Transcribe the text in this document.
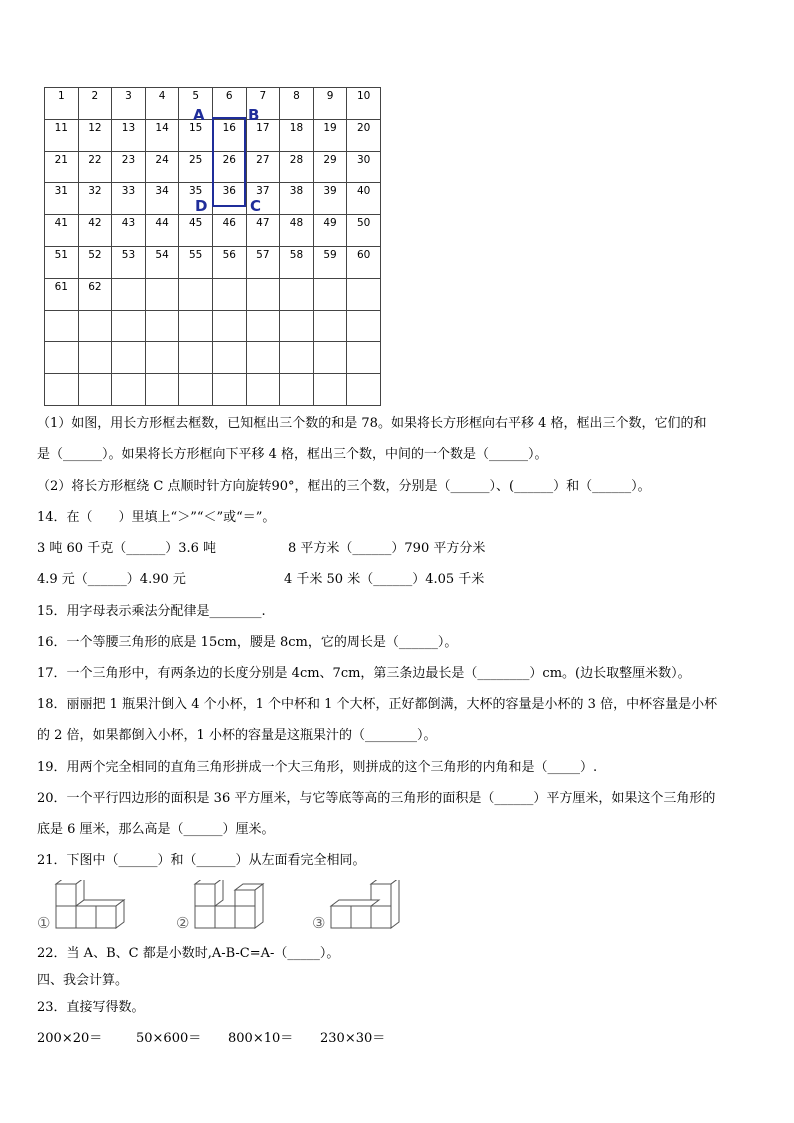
1	2	3	4	5	6	7	8	9	10
11	12	13	14	15	16	17	18	19	20
21	22	23	24	25	26	27	28	29	30
31	32	33	34	35	36	37	38	39	40
41	42	43	44	45	46	47	48	49	50
51	52	53	54	55	56	57	58	59	60
61	62								

A	B
C
D
（1）如图，用长方形框去框数，已知框出三个数的和是 78。如果将长方形框向右平移 4 格，框出三个数，它们的和
是（______）。如果将长方形框向下平移 4 格，框出三个数，中间的一个数是（______）。
（2）将长方形框绕 C 点顺时针方向旋转90°，框出的三个数，分别是（______）、(______）和（______）。
14．在（　　）里填上“＞”“＜”或“＝”。
3 吨 60 千克（______）3.6 吨	8 平方米（______）790 平方分米
4.9 元（______）4.90 元	4 千米 50 米（______）4.05 千米
15．用字母表示乘法分配律是________.
16．一个等腰三角形的底是 15cm，腰是 8cm，它的周长是（______）。
17．一个三角形中，有两条边的长度分别是 4cm、7cm，第三条边最长是（________）cm。(边长取整厘米数）。
18．丽丽把 1 瓶果汁倒入 4 个小杯，1 个中杯和 1 个大杯，正好都倒满，大杯的容量是小杯的 3 倍，中杯容量是小杯
的 2 倍，如果都倒入小杯，1 小杯的容量是这瓶果汁的（________）。
19．用两个完全相同的直角三角形拼成一个大三角形，则拼成的这个三角形的内角和是（_____）.
20．一个平行四边形的面积是 36 平方厘米，与它等底等高的三角形的面积是（______）平方厘米，如果这个三角形的
底是 6 厘米，那么高是（______）厘米。
21．下图中（______）和（______）从左面看完全相同。
①	②	③
22．当 A、B、C 都是小数时,A-B-C=A-（_____）。
四、我会计算。
23．直接写得数。
200×20＝	50×600＝ 800×10＝ 230×30＝
